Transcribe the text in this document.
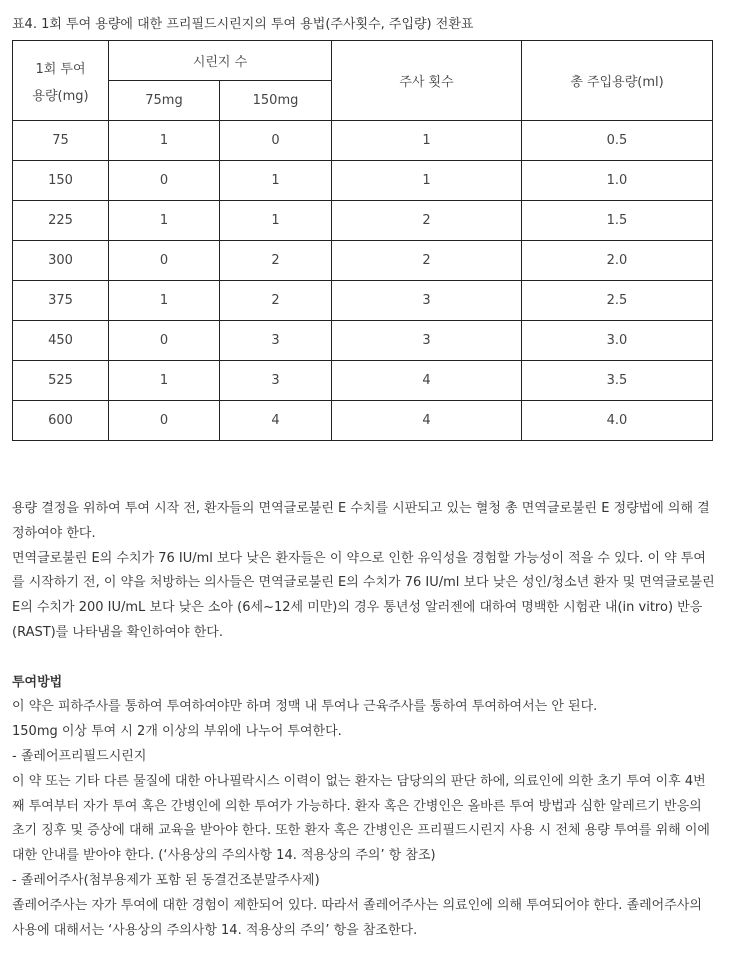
표4. 1회 투여 용량에 대한 프리필드시린지의 투여 용법(주사횟수, 주입량) 전환표
1회 투여
용량(mg)	시린지 수		주사 횟수	총 주입용량(ml)
	75mg	150mg		
75	1	0	1	0.5
150	0	1	1	1.0
225	1	1	2	1.5
300	0	2	2	2.0
375	1	2	3	2.5
450	0	3	3	3.0
525	1	3	4	3.5
600	0	4	4	4.0

용량 결정을 위하여 투여 시작 전, 환자들의 면역글로불린 E 수치를 시판되고 있는 혈청 총 면역글로불린 E 정량법에 의해 결정하여야 한다.

면역글로불린 E의 수치가 76 IU/ml 보다 낮은 환자들은 이 약으로 인한 유익성을 경험할 가능성이 적을 수 있다. 이 약 투여를 시작하기 전, 이 약을 처방하는 의사들은 면역글로불린 E의 수치가 76 IU/ml 보다 낮은 성인/청소년 환자 및 면역글로불린 E의 수치가 200 IU/mL 보다 낮은 소아 (6세~12세 미만)의 경우 통년성 알러젠에 대하여 명백한 시험관 내(in vitro) 반응(RAST)를 나타냄을 확인하여야 한다.

투여방법

이 약은 피하주사를 통하여 투여하여야만 하며 정맥 내 투여나 근육주사를 통하여 투여하여서는 안 된다.

150mg 이상 투여 시 2개 이상의 부위에 나누어 투여한다.

- 졸레어프리필드시린지

이 약 또는 기타 다른 물질에 대한 아나필락시스 이력이 없는 환자는 담당의의 판단 하에, 의료인에 의한 초기 투여 이후 4번째 투여부터 자가 투여 혹은 간병인에 의한 투여가 가능하다. 환자 혹은 간병인은 올바른 투여 방법과 심한 알레르기 반응의 초기 징후 및 증상에 대해 교육을 받아야 한다. 또한 환자 혹은 간병인은 프리필드시린지 사용 시 전체 용량 투여를 위해 이에 대한 안내를 받아야 한다. (‘사용상의 주의사항 14. 적용상의 주의’ 항 참조)

- 졸레어주사(첨부용제가 포함 된 동결건조분말주사제)

졸레어주사는 자가 투여에 대한 경험이 제한되어 있다. 따라서 졸레어주사는 의료인에 의해 투여되어야 한다. 졸레어주사의 사용에 대해서는 ‘사용상의 주의사항 14. 적용상의 주의’ 항을 참조한다.
